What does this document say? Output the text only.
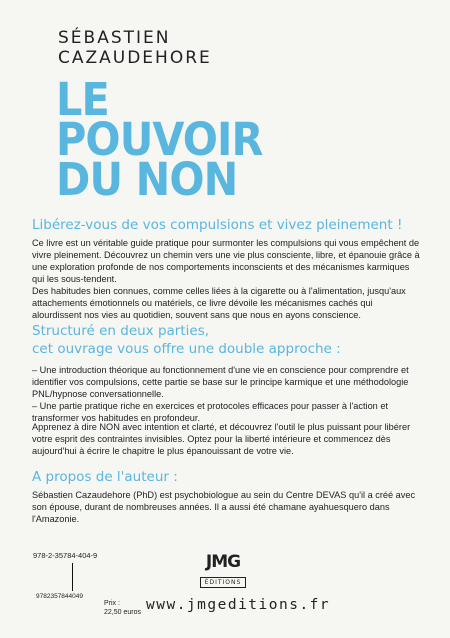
SÉBASTIEN
CAZAUDEHORE
LE
POUVOIR
DU NON
Libérez-vous de vos compulsions et vivez pleinement !

Ce livre est un véritable guide pratique pour surmonter les compulsions qui vous empêchent de vivre pleinement. Découvrez un chemin vers une vie plus consciente, libre, et épanouie grâce à une exploration profonde de nos comportements inconscients et des mécanismes karmiques qui les sous-tendent.

Des habitudes bien connues, comme celles liées à la cigarette ou à l'alimentation, jusqu'aux attachements émotionnels ou matériels, ce livre dévoile les mécanismes cachés qui alourdissent nos vies au quotidien, souvent sans que nous en ayons conscience.

Structuré en deux parties,
cet ouvrage vous offre une double approche :

– Une introduction théorique au fonctionnement d'une vie en conscience pour comprendre et identifier vos compulsions, cette partie se base sur le principe karmique et une méthodologie PNL/hypnose conversationnelle.

– Une partie pratique riche en exercices et protocoles efficaces pour passer à l'action et transformer vos habitudes en profondeur.

Apprenez à dire NON avec intention et clarté, et découvrez l'outil le plus puissant pour libérer votre esprit des contraintes invisibles. Optez pour la liberté intérieure et commencez dès aujourd'hui à écrire le chapitre le plus épanouissant de votre vie.

A propos de l'auteur :

Sébastien Cazaudehore (PhD) est psychobiologue au sein du Centre DEVAS qu'il a créé avec son épouse, durant de nombreuses années. Il a aussi été chamane ayahuesquero dans l'Amazonie.

978-2-35784-404-9
9782357844049
Prix :
22,50 euros
JMG
ÉDITIONS
www.jmgeditions.fr
